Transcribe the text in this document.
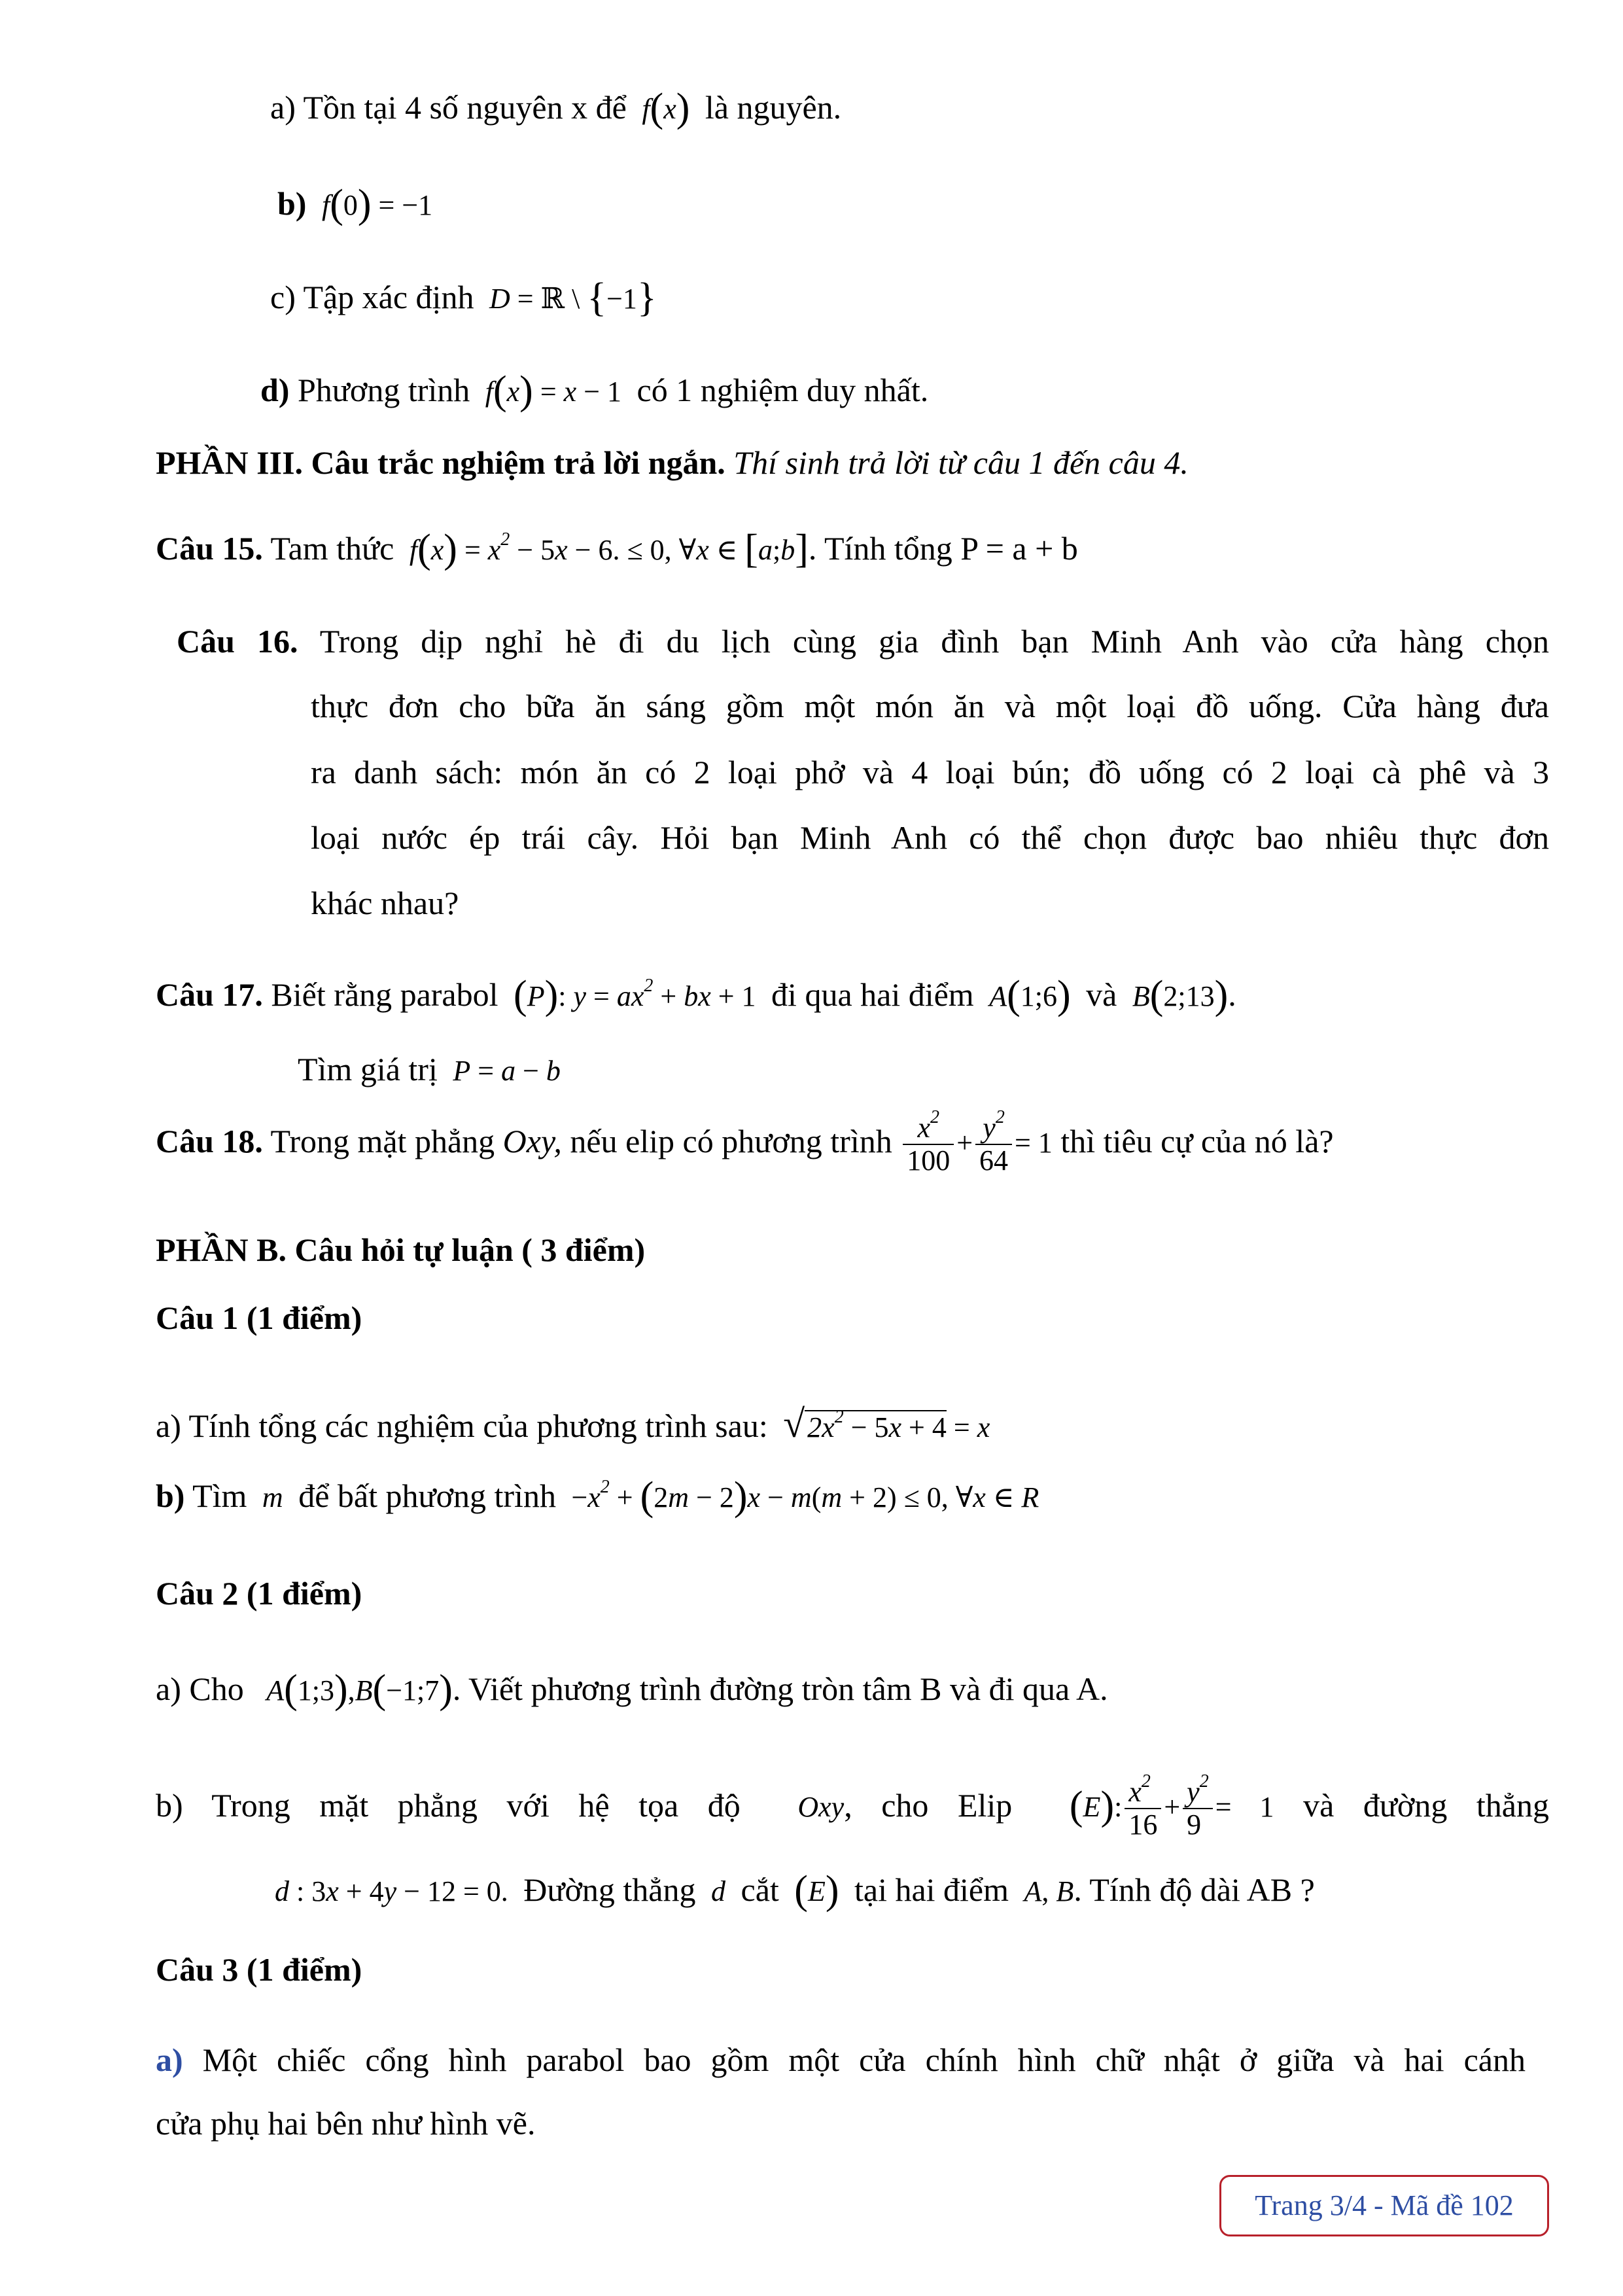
a) Tồn tại 4 số nguyên x để  f(x) là nguyên.
b)  f(0) = −1
c) Tập xác định  D = ℝ \ {−1}
d) Phương trình  f(x) = x − 1 có 1 nghiệm duy nhất.
PHẦN III. Câu trắc nghiệm trả lời ngắn. Thí sinh trả lời từ câu 1 đến câu 4.
Câu 15. Tam thức  $f(x) = x^2 - 5x - 6$. ≤ 0, ∀x ∈ [a;b]. Tính tổng P = a + b
Câu 16. Trong dịp nghỉ hè đi du lịch cùng gia đình bạn Minh Anh vào cửa hàng chọn
thực đơn cho bữa ăn sáng gồm một món ăn và một loại đồ uống. Cửa hàng đưa
ra danh sách: món ăn có 2 loại phở và 4 loại bún; đồ uống có 2 loại cà phê và 3
loại nước ép trái cây. Hỏi bạn Minh Anh có thể chọn được bao nhiêu thực đơn
khác nhau?
Câu 17. Biết rằng parabol (P): $y = ax^2$ + bx + 1 đi qua hai điểm  A(1;6) và  B(2;13).
Tìm giá trị  P = a − b
Câu 18. Trong mặt phẳng Oxy, nếu elip có phương trình $\frac{x^2}{100} + \frac{y^2}{64} = 1$ thì tiêu cự của nó là?
PHẦN B. Câu hỏi tự luận ( 3 điểm)
Câu 1 (1 điểm)
a) Tính tổng các nghiệm của phương trình sau: $√2x^2 - 5x + 4 = x$
b) Tìm  m  để bất phương trình $-x^2 + (2m - 2)x - m(m + 2) \le 0$, ∀x ∈ R
Câu 2 (1 điểm)
a) Cho   A(1;3),B(−1;7). Viết phương trình đường tròn tâm B và đi qua A.
b) Trong mặt phẳng với hệ tọa độ  Oxy, cho Elip (E): $\frac{x^2}{16} + \frac{y^2}{9} = 1$ và đường thẳng
d : 3x + 4y − 12 = 0. Đường thẳng  d  cắt (E) tại hai điểm  A, B. Tính độ dài AB ?
Câu 3 (1 điểm)
a) Một chiếc cổng hình parabol bao gồm một cửa chính hình chữ nhật ở giữa và hai cánh
cửa phụ hai bên như hình vẽ.
Trang 3/4 - Mã đề 102
